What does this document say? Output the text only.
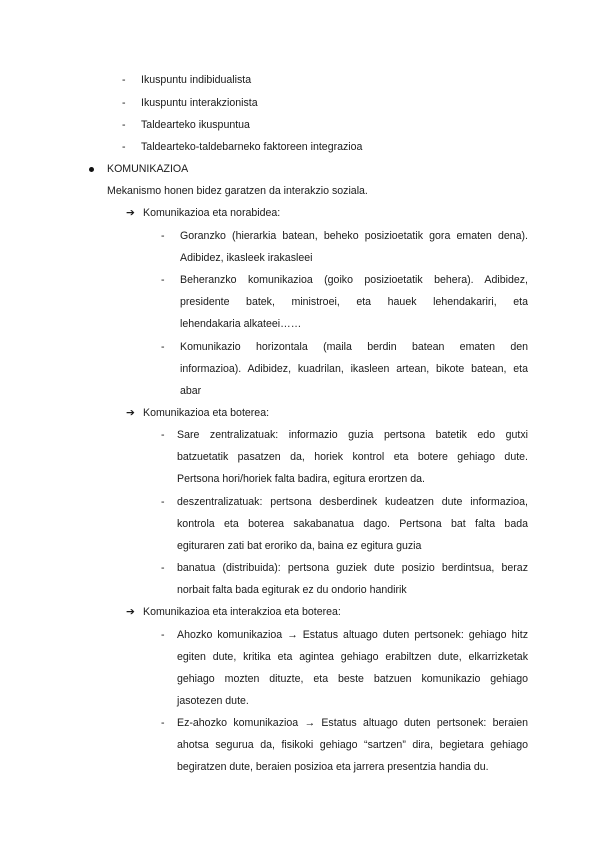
- Ikuspuntu indibidualista
- Ikuspuntu interakzionista
- Taldearteko ikuspuntua
- Taldearteko-taldebarneko faktoreen integrazioa
KOMUNIKAZIOA
Mekanismo honen bidez garatzen da interakzio soziala.
➔ Komunikazioa eta norabidea:
- Goranzko (hierarkia batean, beheko posizioetatik gora ematen dena).
Adibidez, ikasleek irakasleei
- Beheranzko komunikazioa (goiko posizioetatik behera). Adibidez,
presidente batek, ministroei, eta hauek lehendakariri, eta
lehendakaria alkateei……
- Komunikazio horizontala (maila berdin batean ematen den
informazioa). Adibidez, kuadrilan, ikasleen artean, bikote batean, eta
abar
➔ Komunikazioa eta boterea:
- Sare zentralizatuak: informazio guzia pertsona batetik edo gutxi
batzuetatik pasatzen da, horiek kontrol eta botere gehiago dute.
Pertsona hori/horiek falta badira, egitura erortzen da.
- deszentralizatuak: pertsona desberdinek kudeatzen dute informazioa,
kontrola eta boterea sakabanatua dago. Pertsona bat falta bada
egituraren zati bat eroriko da, baina ez egitura guzia
- banatua (distribuida): pertsona guziek dute posizio berdintsua, beraz
norbait falta bada egiturak ez du ondorio handirik
➔ Komunikazioa eta interakzioa eta boterea:
- Ahozko komunikazioa → Estatus altuago duten pertsonek: gehiago hitz
egiten dute, kritika eta agintea gehiago erabiltzen dute, elkarrizketak
gehiago mozten dituzte, eta beste batzuen komunikazio gehiago
jasotezen dute.
- Ez-ahozko komunikazioa → Estatus altuago duten pertsonek: beraien
ahotsa segurua da, fisikoki gehiago “sartzen” dira, begietara gehiago
begiratzen dute, beraien posizioa eta jarrera presentzia handia du.
